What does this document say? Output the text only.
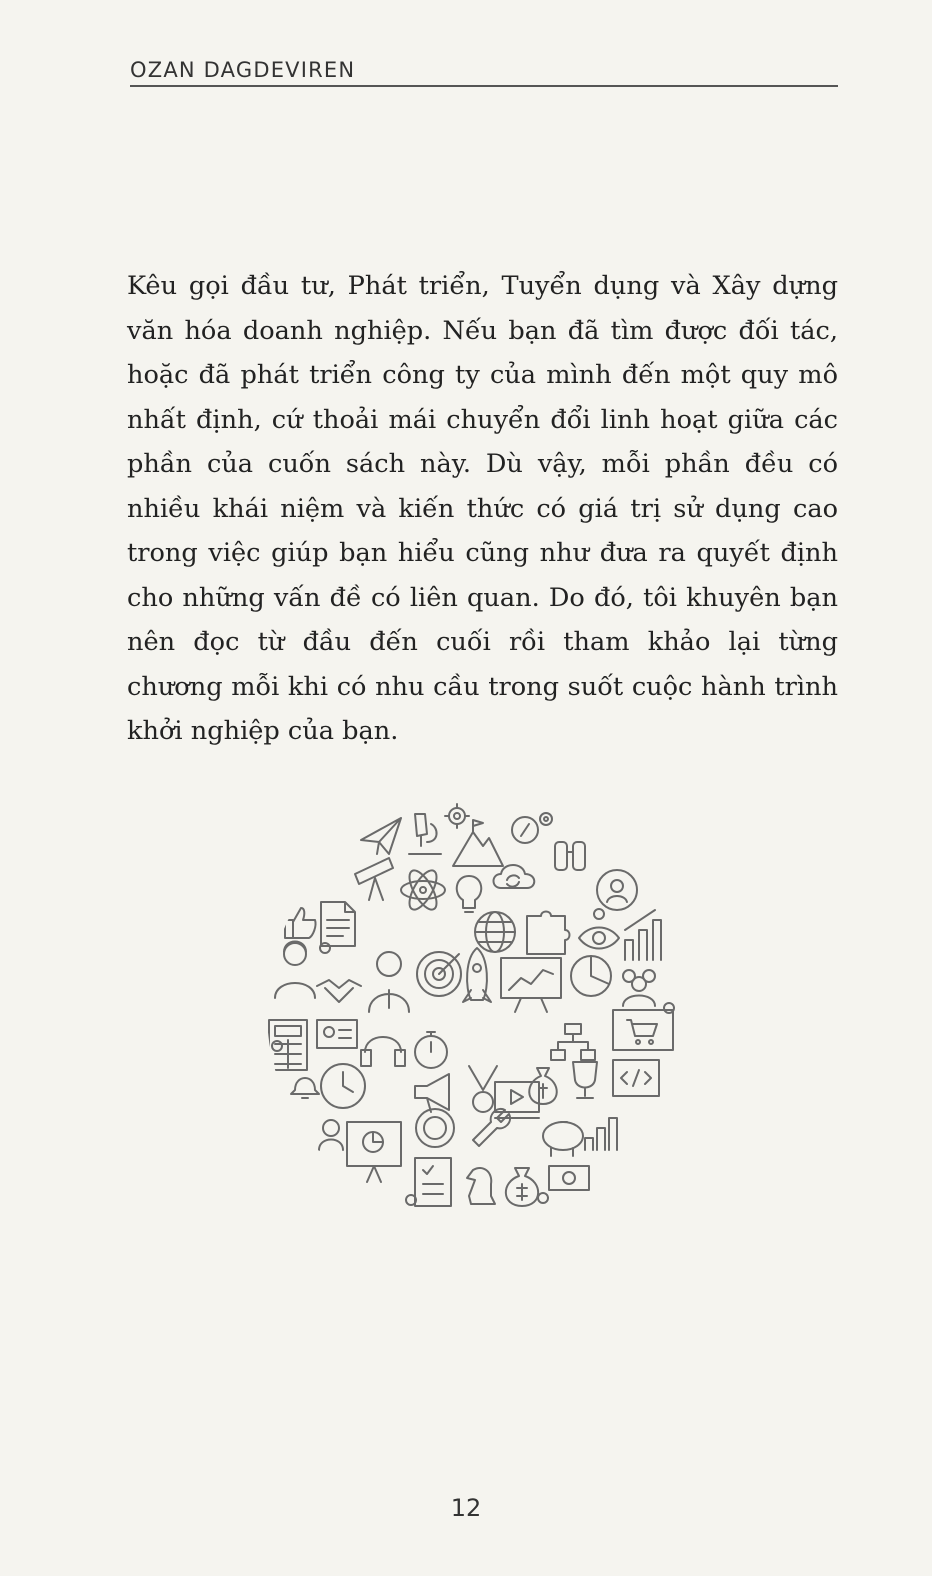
OZAN DAGDEVIREN

Kêu gọi đầu tư, Phát triển, Tuyển dụng và Xây dựng văn hóa doanh nghiệp. Nếu bạn đã tìm được đối tác, hoặc đã phát triển công ty của mình đến một quy mô nhất định, cứ thoải mái chuyển đổi linh hoạt giữa các phần của cuốn sách này. Dù vậy, mỗi phần đều có nhiều khái niệm và kiến thức có giá trị sử dụng cao trong việc giúp bạn hiểu cũng như đưa ra quyết định cho những vấn đề có liên quan. Do đó, tôi khuyên bạn nên đọc từ đầu đến cuối rồi tham khảo lại từng chương mỗi khi có nhu cầu trong suốt cuộc hành trình khởi nghiệp của bạn.

12
